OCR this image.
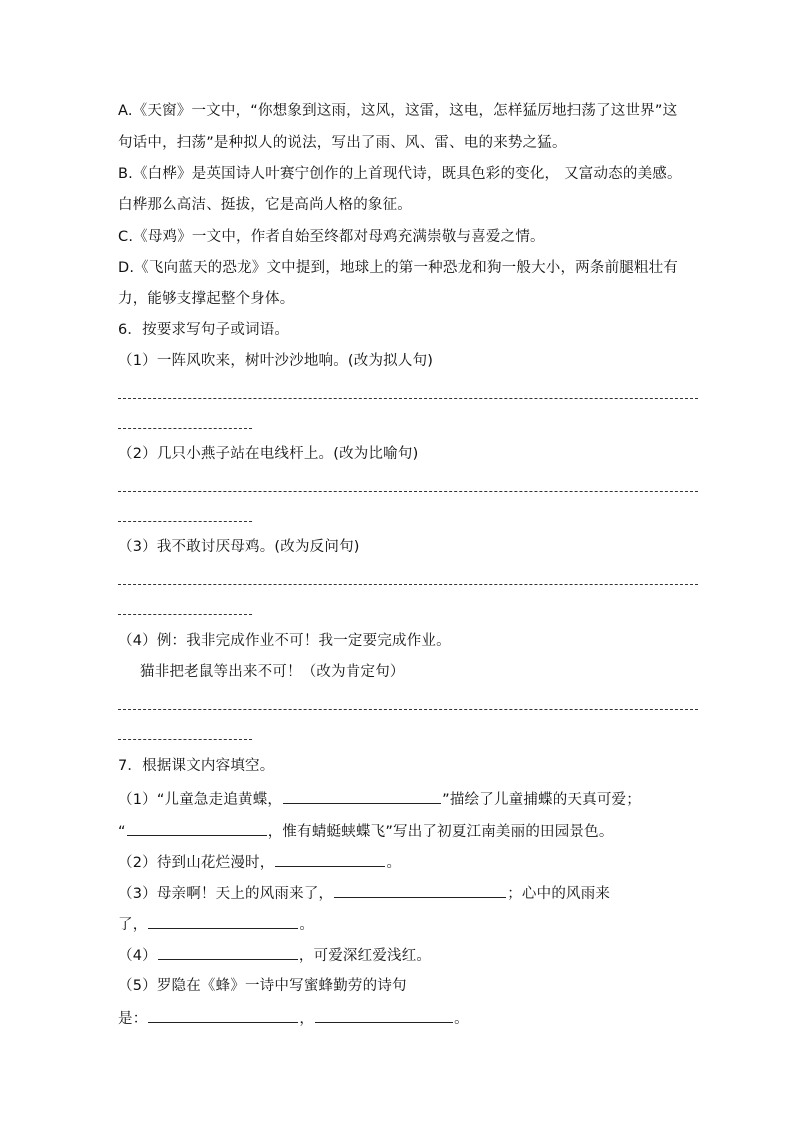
A.《天窗》一文中，“你想象到这雨，这风，这雷，这电，怎样猛厉地扫荡了这世界”这
句话中，扫荡”是种拟人的说法，写出了雨、风、雷、电的来势之猛。
B.《白桦》是英国诗人叶赛宁创作的上首现代诗，既具色彩的变化， 又富动态的美感。
白桦那么高洁、挺拔，它是高尚人格的象征。
C.《母鸡》一文中，作者自始至终都对母鸡充满崇敬与喜爱之情。
D.《飞向蓝天的恐龙》文中提到，地球上的第一种恐龙和狗一般大小，两条前腿粗壮有
力，能够支撑起整个身体。
6．按要求写句子或词语。
（1）一阵风吹来，树叶沙沙地响。(改为拟人句)
（2）几只小燕子站在电线杆上。(改为比喻句)
（3）我不敢讨厌母鸡。(改为反问句)
（4）例：我非完成作业不可！我一定要完成作业。
猫非把老鼠等出来不可！（改为肯定句）
7．根据课文内容填空。
（1）“儿童急走追黄蝶，	”描绘了儿童捕蝶的天真可爱；
“	，惟有蜻蜓蛱蝶飞”写出了初夏江南美丽的田园景色。
（2）待到山花烂漫时，	。
（3）母亲啊！天上的风雨来了，	；心中的风雨来
了，	。
（4）	，可爱深红爱浅红。
（5）罗隐在《蜂》一诗中写蜜蜂勤劳的诗句
是：	，	。
